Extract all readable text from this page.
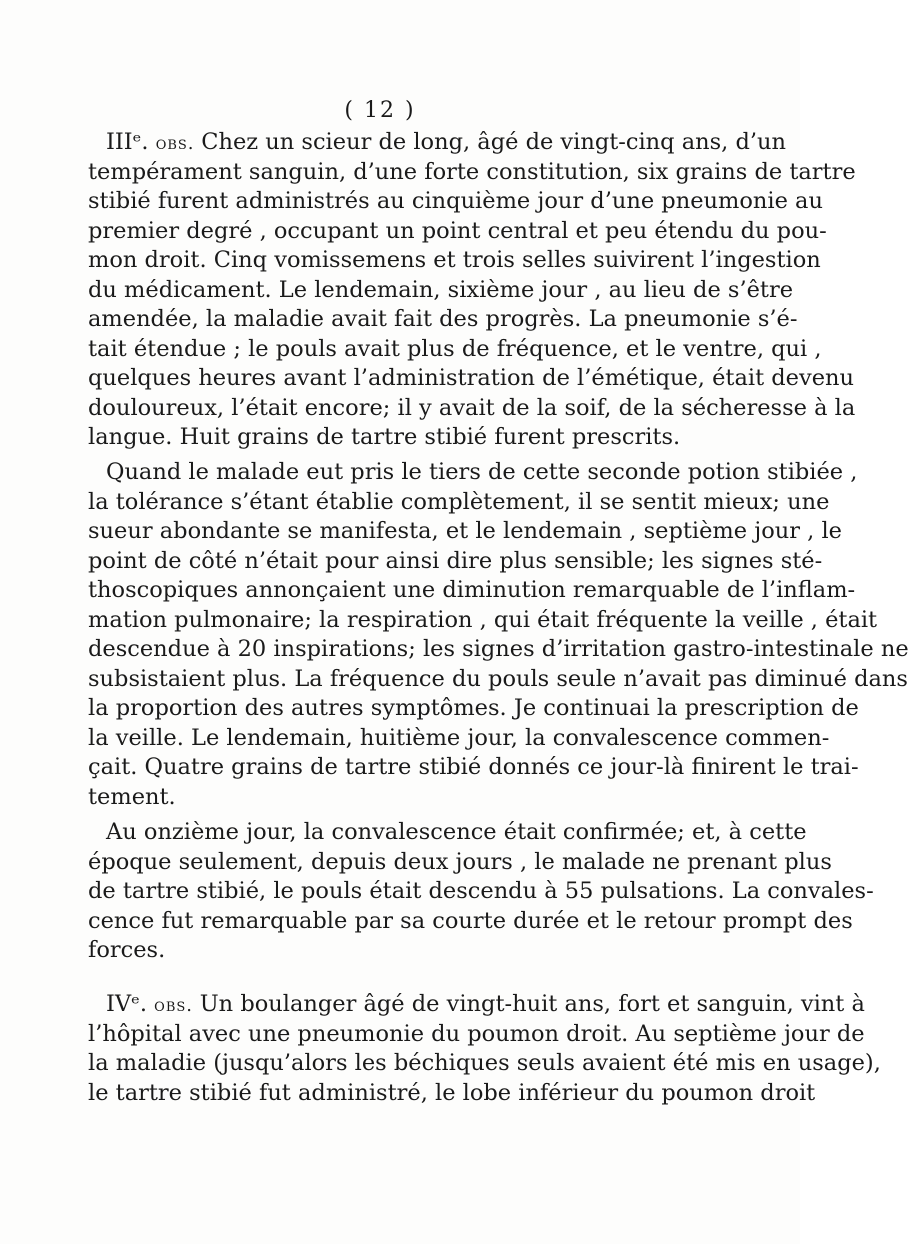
( 12 )
IIIᵉ. obs. Chez un scieur de long, âgé de vingt-cinq ans, d’un
tempérament sanguin, d’une forte constitution, six grains de tartre
stibié furent administrés au cinquième jour d’une pneumonie au
premier degré , occupant un point central et peu étendu du pou-
mon droit. Cinq vomissemens et trois selles suivirent l’ingestion
du médicament. Le lendemain, sixième jour , au lieu de s’être
amendée, la maladie avait fait des progrès. La pneumonie s’é-
tait étendue ; le pouls avait plus de fréquence, et le ventre, qui ,
quelques heures avant l’administration de l’émétique, était devenu
douloureux, l’était encore; il y avait de la soif, de la sécheresse à la
langue. Huit grains de tartre stibié furent prescrits.
Quand le malade eut pris le tiers de cette seconde potion stibiée ,
la tolérance s’étant établie complètement, il se sentit mieux; une
sueur abondante se manifesta, et le lendemain , septième jour , le
point de côté n’était pour ainsi dire plus sensible; les signes sté-
thoscopiques annonçaient une diminution remarquable de l’inflam-
mation pulmonaire; la respiration , qui était fréquente la veille , était
descendue à 20 inspirations; les signes d’irritation gastro-intestinale ne
subsistaient plus. La fréquence du pouls seule n’avait pas diminué dans
la proportion des autres symptômes. Je continuai la prescription de
la veille. Le lendemain, huitième jour, la convalescence commen-
çait. Quatre grains de tartre stibié donnés ce jour-là finirent le trai-
tement.
Au onzième jour, la convalescence était confirmée; et, à cette
époque seulement, depuis deux jours , le malade ne prenant plus
de tartre stibié, le pouls était descendu à 55 pulsations. La convales-
cence fut remarquable par sa courte durée et le retour prompt des
forces.
IVᵉ. obs. Un boulanger âgé de vingt-huit ans, fort et sanguin, vint à
l’hôpital avec une pneumonie du poumon droit. Au septième jour de
la maladie (jusqu’alors les béchiques seuls avaient été mis en usage),
le tartre stibié fut administré, le lobe inférieur du poumon droit
